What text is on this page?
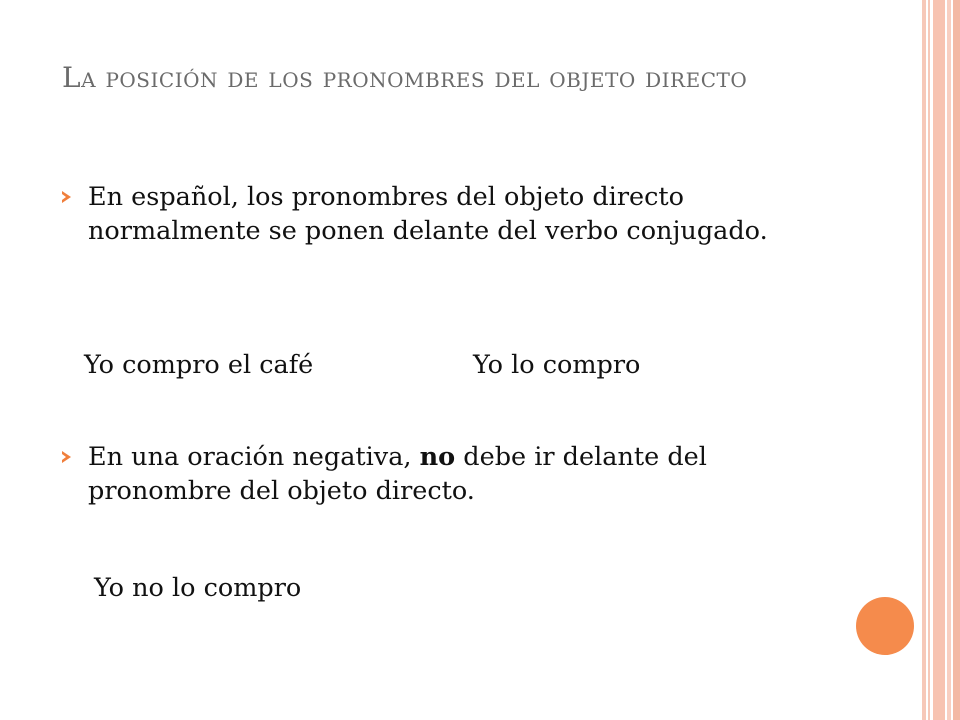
La posición de los pronombres del objeto directo
En español, los pronombres del objeto directo normalmente se ponen delante del verbo conjugado.
Yo compro el café	Yo lo compro
En una oración negativa, no debe ir delante del pronombre del objeto directo.
Yo no lo compro
